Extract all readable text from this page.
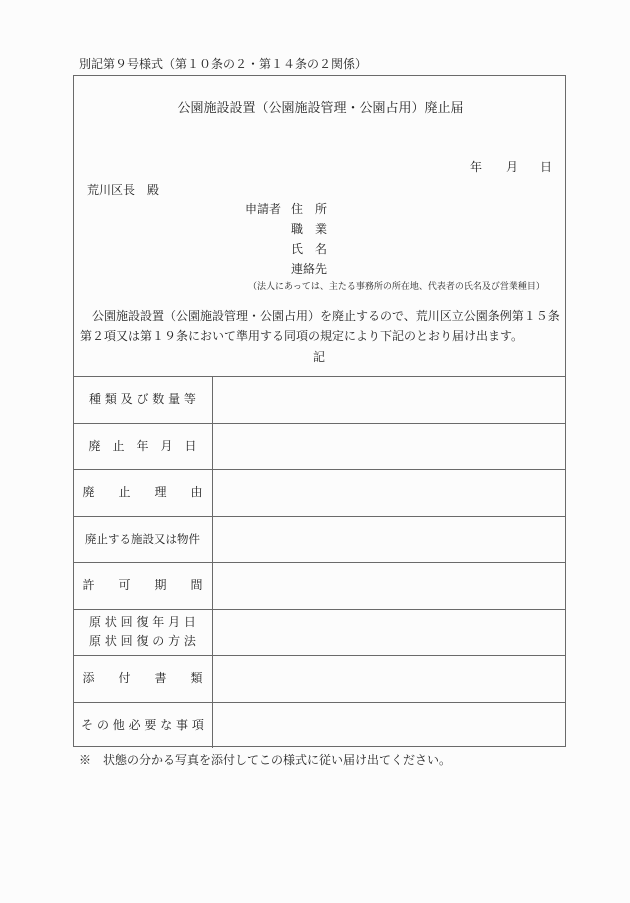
別記第９号様式（第１０条の２・第１４条の２関係）
公園施設設置（公園施設管理・公園占用）廃止届
年 月 日
荒川区長　殿
申請者 住　所
職　業
氏　名
連絡先
（法人にあっては、主たる事務所の所在地、代表者の氏名及び営業種目）
　公園施設設置（公園施設管理・公園占用）を廃止するので、荒川区立公園条例第１５条第２項又は第１９条において準用する同項の規定により下記のとおり届け出ます。
記
種 類 及 び 数 量 等	
廃　止　年　月　日	
廃　　止　　理　　由	
廃止する施設又は物件	
許　　可　　期　　間	
原 状 回 復 年 月 日
原 状 回 復 の 方 法	
添　　付　　書　　類	
そ の 他 必 要 な 事 項	
※　状態の分かる写真を添付してこの様式に従い届け出てください。
